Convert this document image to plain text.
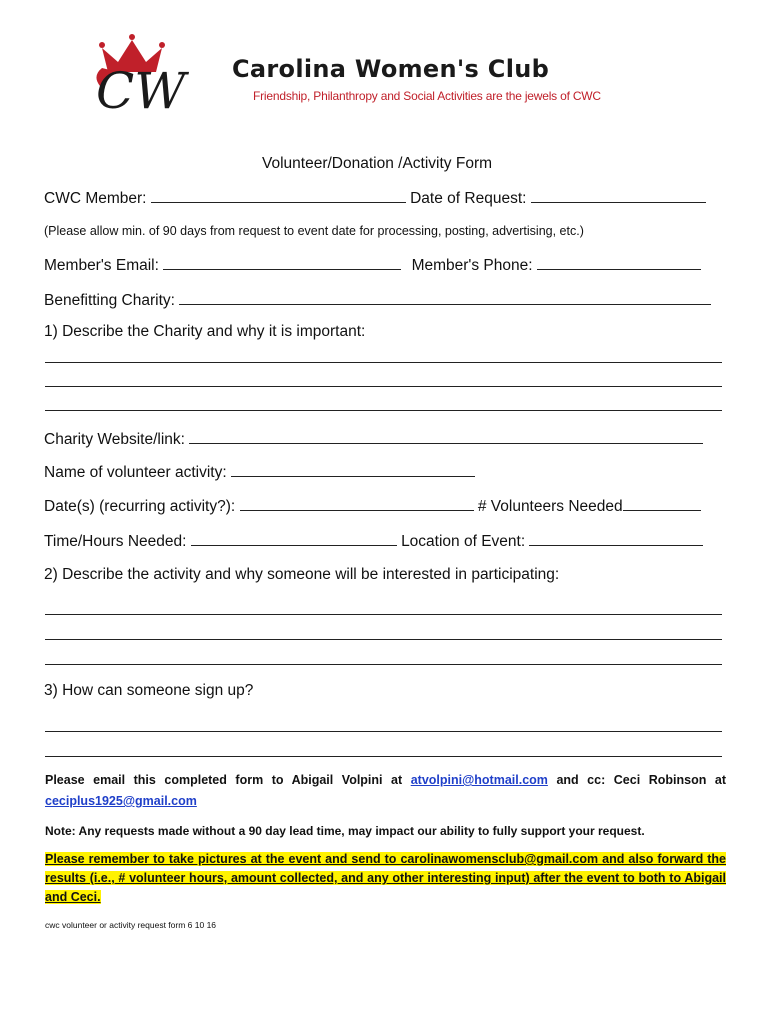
CW Carolina Women's Club
Friendship, Philanthropy and Social Activities are the jewels of CWC
Volunteer/Donation /Activity Form
CWC Member:	Date of Request:
(Please allow min. of 90 days from request to event date for processing, posting, advertising, etc.)
Member's Email:	Member's Phone:
Benefitting Charity:
1) Describe the Charity and why it is important:
Charity Website/link:
Name of volunteer activity:
Date(s) (recurring activity?):	# Volunteers Needed
Time/Hours Needed:	Location of Event:
2) Describe the activity and why someone will be interested in participating:
3) How can someone sign up?
Please email this completed form to Abigail Volpini at atvolpini@hotmail.com and cc: Ceci Robinson at ceciplus1925@gmail.com
Note: Any requests made without a 90 day lead time, may impact our ability to fully support your request.
Please remember to take pictures at the event and send to carolinawomensclub@gmail.com and also forward the results (i.e., # volunteer hours, amount collected, and any other interesting input) after the event to both to Abigail and Ceci.
cwc volunteer or activity request form 6 10 16
